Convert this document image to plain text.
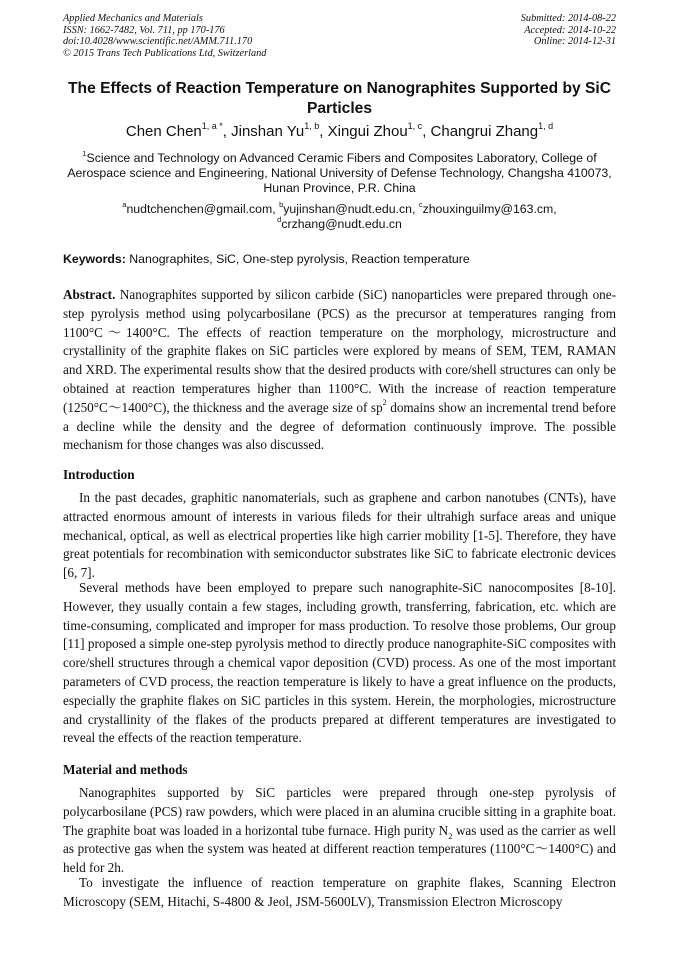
Applied Mechanics and Materials
ISSN: 1662-7482, Vol. 711, pp 170-176
doi:10.4028/www.scientific.net/AMM.711.170
© 2015 Trans Tech Publications Ltd, Switzerland
Submitted: 2014-08-22
Accepted: 2014-10-22
Online: 2014-12-31
The Effects of Reaction Temperature on Nanographites Supported by SiC Particles
Chen Chen$^{1, a *}$, Jinshan Yu$^{1, b}$, Xingui Zhou$^{1, c}$, Changrui Zhang$^{1, d}$
$^1$Science and Technology on Advanced Ceramic Fibers and Composites Laboratory, College of Aerospace science and Engineering, National University of Defense Technology, Changsha 410073, Hunan Province, P.R. China
$^a$nudtchenchen@gmail.com, $^b$yujinshan@nudt.edu.cn, $^c$zhouxinguilmy@163.cm,
$^d$crzhang@nudt.edu.cn
Keywords: Nanographites, SiC, One-step pyrolysis, Reaction temperature
Abstract. Nanographites supported by silicon carbide (SiC) nanoparticles were prepared through one-step pyrolysis method using polycarbosilane (PCS) as the precursor at temperatures ranging from 1100°C～1400°C. The effects of reaction temperature on the morphology, microstructure and crystallinity of the graphite flakes on SiC particles were explored by means of SEM, TEM, RAMAN and XRD. The experimental results show that the desired products with core/shell structures can only be obtained at reaction temperatures higher than 1100°C. With the increase of reaction temperature (1250°C～1400°C), the thickness and the average size of $sp^2$ domains show an incremental trend before a decline while the density and the degree of deformation continuously improve. The possible mechanism for those changes was also discussed.
Introduction
In the past decades, graphitic nanomaterials, such as graphene and carbon nanotubes (CNTs), have attracted enormous amount of interests in various fileds for their ultrahigh surface areas and unique mechanical, optical, as well as electrical properties like high carrier mobility [1-5]. Therefore, they have great potentials for recombination with semiconductor substrates like SiC to fabricate electronic devices [6, 7].
Several methods have been employed to prepare such nanographite-SiC nanocomposites [8-10]. However, they usually contain a few stages, including growth, transferring, fabrication, etc. which are time-consuming, complicated and improper for mass production. To resolve those problems, Our group [11] proposed a simple one-step pyrolysis method to directly produce nanographite-SiC composites with core/shell structures through a chemical vapor deposition (CVD) process. As one of the most important parameters of CVD process, the reaction temperature is likely to have a great influence on the products, especially the graphite flakes on SiC particles in this system. Herein, the morphologies, microstructure and crystallinity of the flakes of the products prepared at different temperatures are investigated to reveal the effects of the reaction temperature.
Material and methods
Nanographites supported by SiC particles were prepared through one-step pyrolysis of polycarbosilane (PCS) raw powders, which were placed in an alumina crucible sitting in a graphite boat. The graphite boat was loaded in a horizontal tube furnace. High purity $N_2$ was used as the carrier as well as protective gas when the system was heated at different reaction temperatures (1100°C～1400°C) and held for 2h.
To investigate the influence of reaction temperature on graphite flakes, Scanning Electron Microscopy (SEM, Hitachi, S-4800 & Jeol, JSM-5600LV), Transmission Electron Microscopy
